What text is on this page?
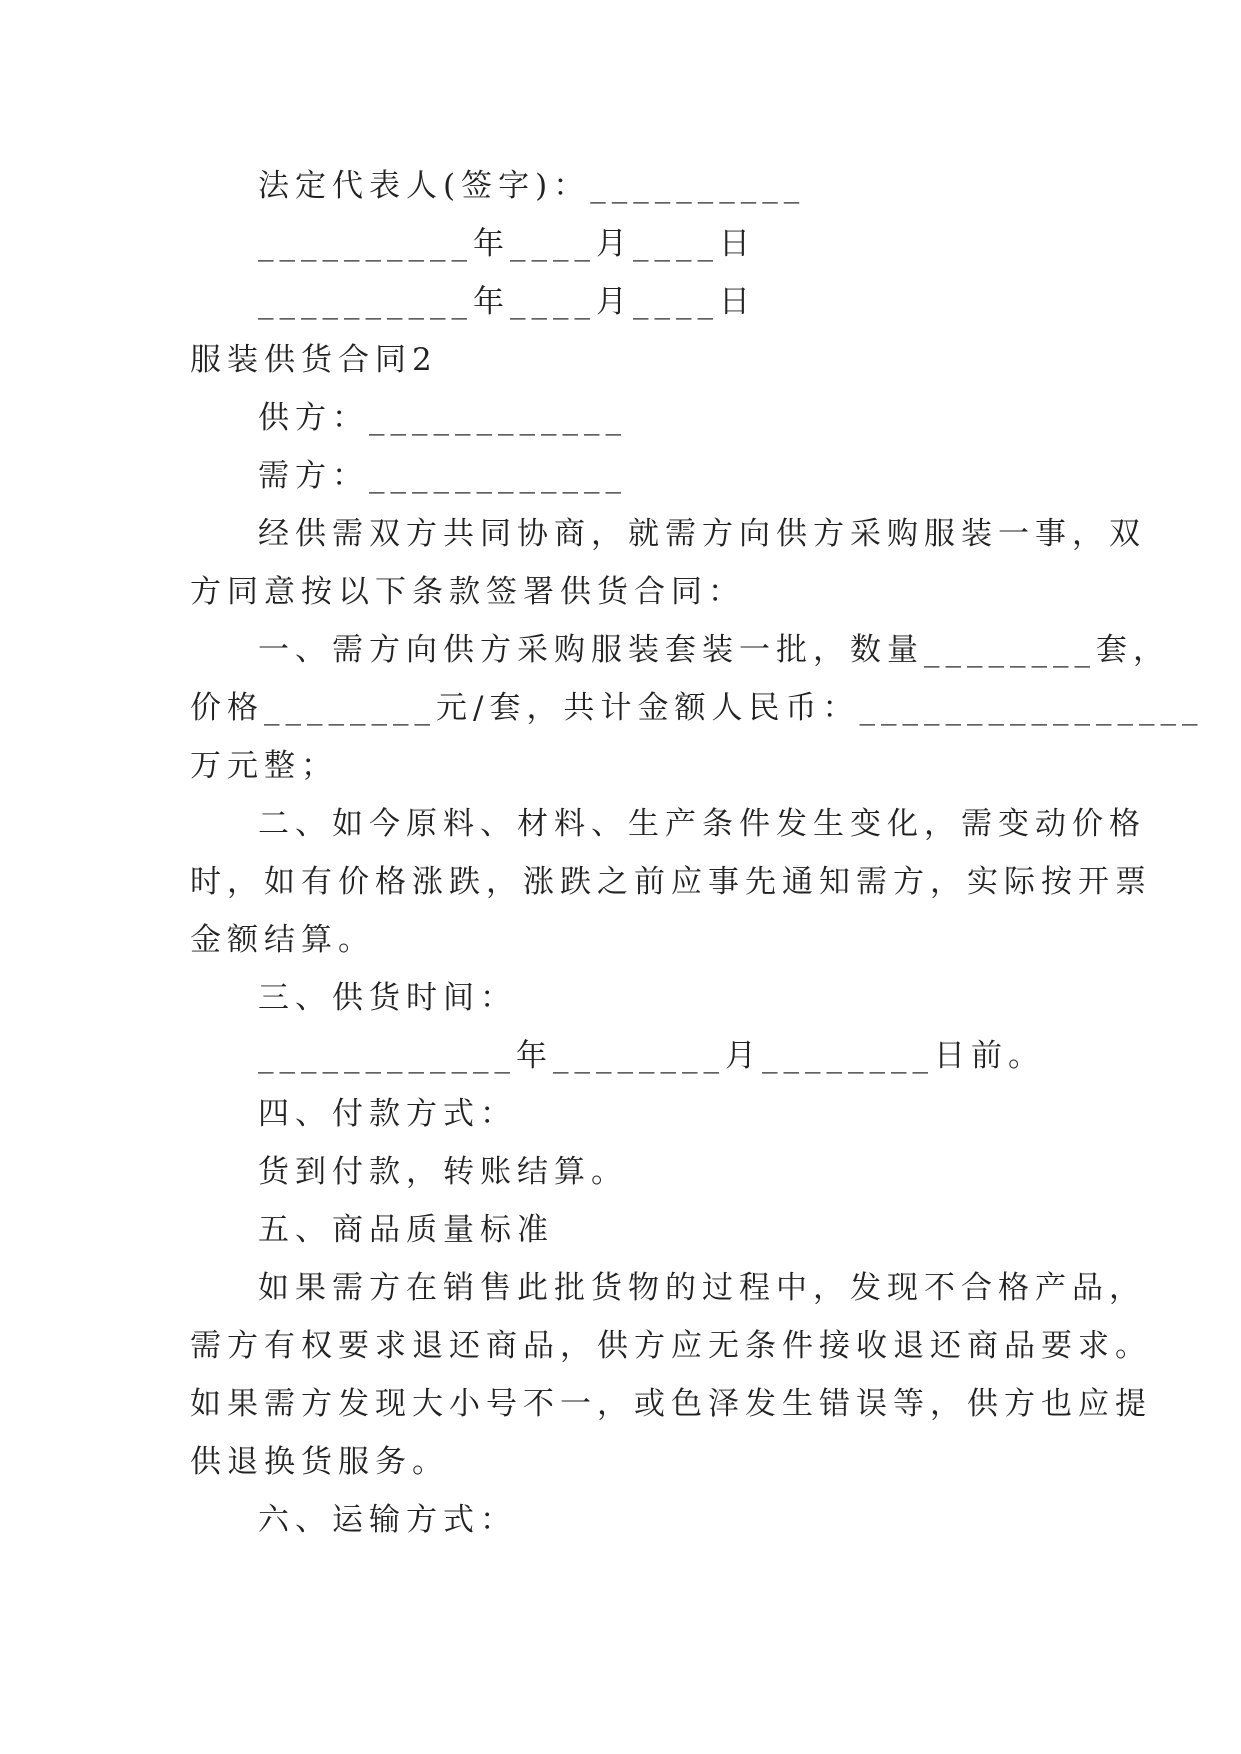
法定代表人(签字)：__________

__________年____月____日

__________年____月____日

服装供货合同2

供方：____________

需方：____________

经供需双方共同协商，就需方向供方采购服装一事，双

方同意按以下条款签署供货合同：

一、需方向供方采购服装套装一批，数量________套，

价格________元/套，共计金额人民币：________________

万元整；

二、如今原料、材料、生产条件发生变化，需变动价格

时，如有价格涨跌，涨跌之前应事先通知需方，实际按开票

金额结算。

三、供货时间：

____________年________月________日前。

四、付款方式：

货到付款，转账结算。

五、商品质量标准

如果需方在销售此批货物的过程中，发现不合格产品，

需方有权要求退还商品，供方应无条件接收退还商品要求。

如果需方发现大小号不一，或色泽发生错误等，供方也应提

供退换货服务。

六、运输方式：
